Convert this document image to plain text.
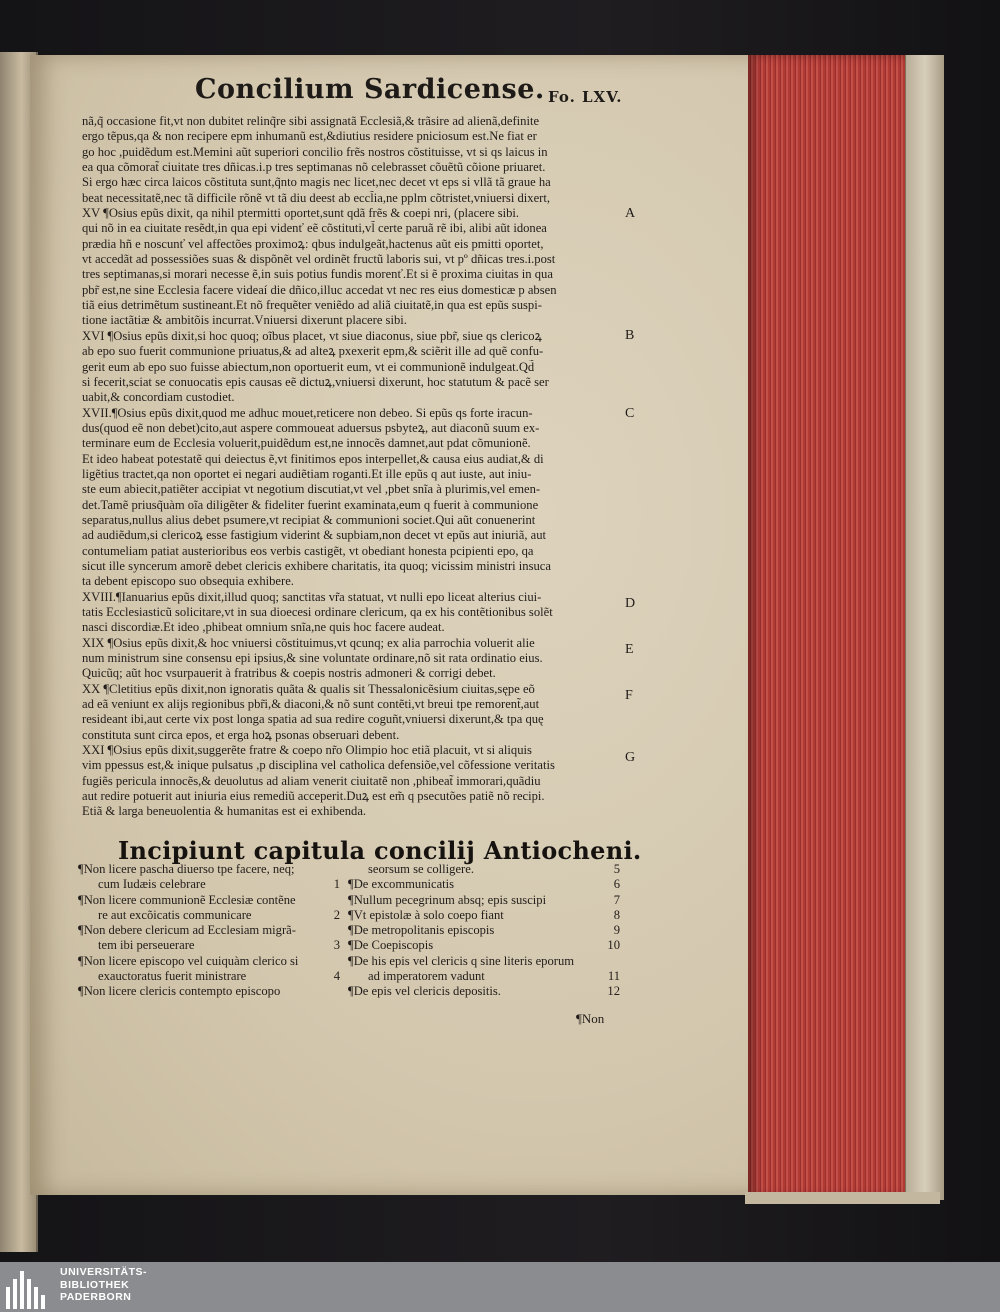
Concilium Sardicense. Fo. LXV.

nã,q̃ occasione fit,vt non dubitet relinq̃re sibi assignatã Ecclesiã,& trãsire ad alienã,definite

ergo tẽpus,qa & non recipere epm inhumanũ est,&diutius residere pniciosum est.Ne fiat er

go hoc ,puidẽdum est.Memini aũt superiori concilio frẽs nostros cõstituisse, vt si qs laicus in

ea qua cõmorat̃ ciuitate tres dñicas.i.p tres septimanas nõ celebrasset cõuẽtũ cõione priuaret.

Si ergo hæc circa laicos cõstituta sunt,q̃nto magis nec licet,nec decet vt eps si vllã tã graue ha

beat necessitatẽ,nec tã difficile rõnẽ vt tã diu deest ab eccl̃ia,ne pplm cõtristet,vniuersi dixert,

XV ¶Osius epũs dixit, qa nihil ptermitti oportet,sunt qdã frẽs & coepi nri, (placere sibi.

qui nõ in ea ciuitate resẽdt,in qua epi videnť eẽ cõstituti,vl̃ certe paruã rẽ ibi, alibi aũt idonea

prædia hñ e noscunť vel affectões proximoꝝ: qbus indulgeãt,hactenus aũt eis pmitti oportet,

vt accedãt ad possessiões suas & dispõnẽt vel ordinẽt fructũ laboris sui, vt pº dñicas tres.i.post

tres septimanas,si morari necesse ẽ,in suis potius fundis morenť.Et si ẽ proxima ciuitas in qua

pbr̃ est,ne sine Ecclesia facere videaí die dñico,illuc accedat vt nec res eius domesticæ p absen

tiã eius detrimẽtum sustineant.Et nõ frequẽter veniẽdo ad aliã ciuitatẽ,in qua est epũs suspi-

tione iactãtiæ & ambitõis incurrat.Vniuersi dixerunt placere sibi.

XVI ¶Osius epũs dixit,si hoc quoq; oĩbus placet, vt siue diaconus, siue pbr̃, siue qs clericoꝝ

ab epo suo fuerit communione priuatus,& ad alteꝝ pxexerit epm,& sciẽrit ille ad quẽ confu-

gerit eum ab epo suo fuisse abiectum,non oportuerit eum, vt ei communionẽ indulgeat.Qd̃

si fecerit,sciat se conuocatis epis causas eẽ dictuꝝ,vniuersi dixerunt, hoc statutum & pacẽ ser

uabit,& concordiam custodiet.

XVII.¶Osius epũs dixit,quod me adhuc mouet,reticere non debeo. Si epũs qs forte iracun-

dus(quod eẽ non debet)cito,aut aspere commoueat aduersus psbyteꝝ, aut diaconũ suum ex-

terminare eum de Ecclesia voluerit,puidẽdum est,ne innocẽs damnet,aut pdat cõmunionẽ.

Et ideo habeat potestatẽ qui deiectus ẽ,vt finitimos epos interpellet,& causa eius audiat,& di

ligẽtius tractet,qa non oportet ei negari audiẽtiam roganti.Et ille epũs q aut iuste, aut iniu-

ste eum abiecit,patiẽter accipiat vt negotium discutiat,vt vel ,pbet snĩa à plurimis,vel emen-

det.Tamẽ priusq̃uàm oĩa diligẽter & fideliter fuerint examinata,eum q fuerit à communione

separatus,nullus alius debet psumere,vt recipiat & communioni societ.Qui aũt conuenerint

ad audiẽdum,si clericoꝝ esse fastigium viderint & supbiam,non decet vt epũs aut iniuriã, aut

contumeliam patiat austerioribus eos verbis castigẽt, vt obediant honesta pcipienti epo, qa

sicut ille syncerum amorẽ debet clericis exhibere charitatis, ita quoq; vicissim ministri insuca

ta debent episcopo suo obsequia exhibere.

XVIII.¶Ianuarius epũs dixit,illud quoq; sanctitas vr̃a statuat, vt nulli epo liceat alterius ciui-

tatis Ecclesiasticũ solicitare,vt in sua dioecesi ordinare clericum, qa ex his contẽtionibus solẽt

nasci discordiæ.Et ideo ,phibeat omnium snĩa,ne quis hoc facere audeat.

XIX ¶Osius epũs dixit,& hoc vniuersi cõstituimus,vt qcunq; ex alia parrochia voluerit alie

num ministrum sine consensu epi ipsius,& sine voluntate ordinare,nõ sit rata ordinatio eius.

Quicũq; aũt hoc vsurpauerit à fratribus & coepis nostris admoneri & corrigi debet.

XX ¶Cletitius epũs dixit,non ignoratis quãta & qualis sit Thessalonicẽsium ciuitas,sępe eõ

ad eã veniunt ex alijs regionibus pbr̃i,& diaconi,& nõ sunt contẽti,vt breui tpe remorent̃,aut

resideant ibi,aut certe vix post longa spatia ad sua redire coguñt,vniuersi dixerunt,& tpa quę

constituta sunt circa epos, et erga hoꝝ psonas obseruari debent.

XXI ¶Osius epũs dixit,suggerẽte fratre & coepo nr̃o Olimpio hoc etiã placuit, vt si aliquis

vim ppessus est,& inique pulsatus ,p disciplina vel catholica defensiõe,vel cõfessione veritatis

fugiẽs pericula innocẽs,& deuolutus ad aliam venerit ciuitatẽ non ,phibeat̃ immorari,quãdiu

aut redire potuerit aut iniuria eius remediũ acceperit.Duꝝ est em̃ q psecutões patiẽ nõ recipi.

Etiã & larga beneuolentia & humanitas est ei exhibenda.

A
B
C
D
E
F
G
Incipiunt capitula concilij Antiocheni.
¶Non licere pascha diuerso tpe facere, neq;
cum Iudæis celebrare	1
¶Non licere communionẽ Ecclesiæ contẽne
re aut excõicatis communicare	2
¶Non debere clericum ad Ecclesiam migrã-
tem ibi perseuerare	3
¶Non licere episcopo vel cuiquàm clerico si
exauctoratus fuerit ministrare	4
¶Non licere clericis contempto episcopo
seorsum se colligere.	5
¶De excommunicatis	6
¶Nullum pecegrinum absq; epis suscipi	7
¶Vt epistolæ à solo coepo fiant	8
¶De metropolitanis episcopis	9
¶De Coepiscopis	10
¶De his epis vel clericis q sine literis eporum
ad imperatorem vadunt	11
¶De epis vel clericis depositis.	12
¶Non
UNIVERSITÄTS-
BIBLIOTHEK
PADERBORN
